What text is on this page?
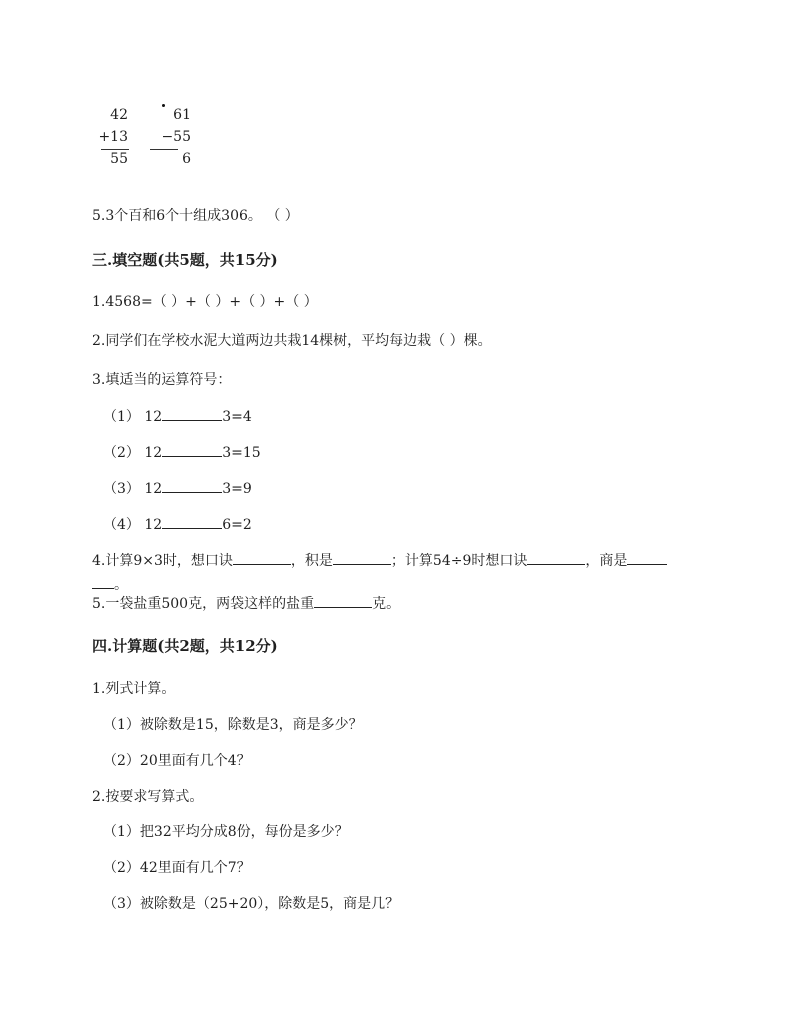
42
+13
55
61
−55
6
5.3个百和6个十组成306。 （ ）
三.填空题(共5题，共15分)
1.4568=（ ）+（ ）+（ ）+（ ）
2.同学们在学校水泥大道两边共栽14棵树，平均每边栽（ ）棵。
3.填适当的运算符号：
（1） 12	3=4
（2） 12	3=15
（3） 12	3=9
（4） 12	6=2
4.计算9×3时，想口诀	，积是	；计算54÷9时想口诀	，商是
。
5.一袋盐重500克，两袋这样的盐重	克。
四.计算题(共2题，共12分)
1.列式计算。
（1）被除数是15，除数是3，商是多少？
（2）20里面有几个4？
2.按要求写算式。
（1）把32平均分成8份，每份是多少？
（2）42里面有几个7？
（3）被除数是（25+20），除数是5，商是几？
